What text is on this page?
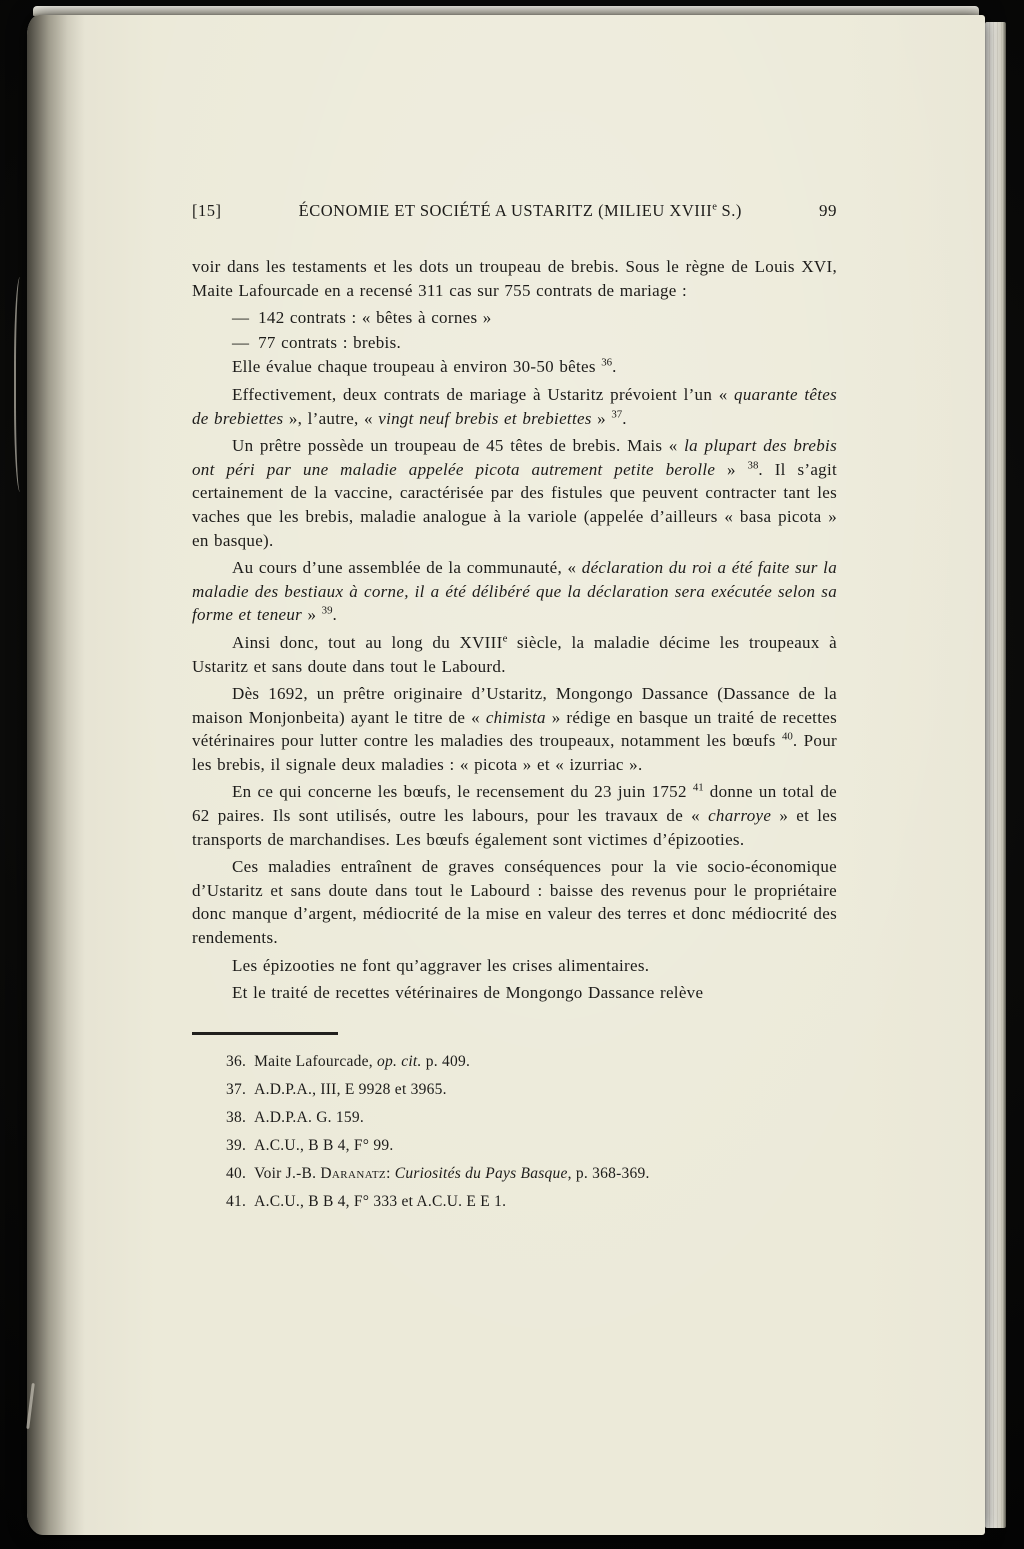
[15]	ÉCONOMIE ET SOCIÉTÉ A USTARITZ (MILIEU XVIIIe S.)	99

voir dans les testaments et les dots un troupeau de brebis. Sous le règne de Louis XVI, Maite Lafourcade en a recensé 311 cas sur 755 contrats de mariage :

— 142 contrats : « bêtes à cornes »

— 77 contrats : brebis.

Elle évalue chaque troupeau à environ 30-50 bêtes $^{36}$.

Effectivement, deux contrats de mariage à Ustaritz prévoient l’un « quarante têtes de brebiettes », l’autre, « vingt neuf brebis et brebiettes » $^{37}$.

Un prêtre possède un troupeau de 45 têtes de brebis. Mais « la plupart des brebis ont péri par une maladie appelée picota autrement petite berolle » $^{38}$. Il s’agit certainement de la vaccine, caractérisée par des fistules que peuvent contracter tant les vaches que les brebis, maladie analogue à la variole (appelée d’ailleurs « basa picota » en basque).

Au cours d’une assemblée de la communauté, « déclaration du roi a été faite sur la maladie des bestiaux à corne, il a été délibéré que la déclaration sera exécutée selon sa forme et teneur » $^{39}$.

Ainsi donc, tout au long du XVIIIe siècle, la maladie décime les troupeaux à Ustaritz et sans doute dans tout le Labourd.

Dès 1692, un prêtre originaire d’Ustaritz, Mongongo Dassance (Dassance de la maison Monjonbeita) ayant le titre de « chimista » rédige en basque un traité de recettes vétérinaires pour lutter contre les maladies des troupeaux, notamment les bœufs $^{40}$. Pour les brebis, il signale deux maladies : « picota » et « izurriac ».

En ce qui concerne les bœufs, le recensement du 23 juin 1752 $^{41}$ donne un total de 62 paires. Ils sont utilisés, outre les labours, pour les travaux de « charroye » et les transports de marchandises. Les bœufs également sont victimes d’épizooties.

Ces maladies entraînent de graves conséquences pour la vie socio-économique d’Ustaritz et sans doute dans tout le Labourd : baisse des revenus pour le propriétaire donc manque d’argent, médiocrité de la mise en valeur des terres et donc médiocrité des rendements.

Les épizooties ne font qu’aggraver les crises alimentaires.

Et le traité de recettes vétérinaires de Mongongo Dassance relève

36. Maite Lafourcade, op. cit. p. 409.

37. A.D.P.A., III, E 9928 et 3965.

38. A.D.P.A. G. 159.

39. A.C.U., B B 4, F° 99.

40. Voir J.-B. Daranatz: Curiosités du Pays Basque, p. 368-369.

41. A.C.U., B B 4, F° 333 et A.C.U. E E 1.
